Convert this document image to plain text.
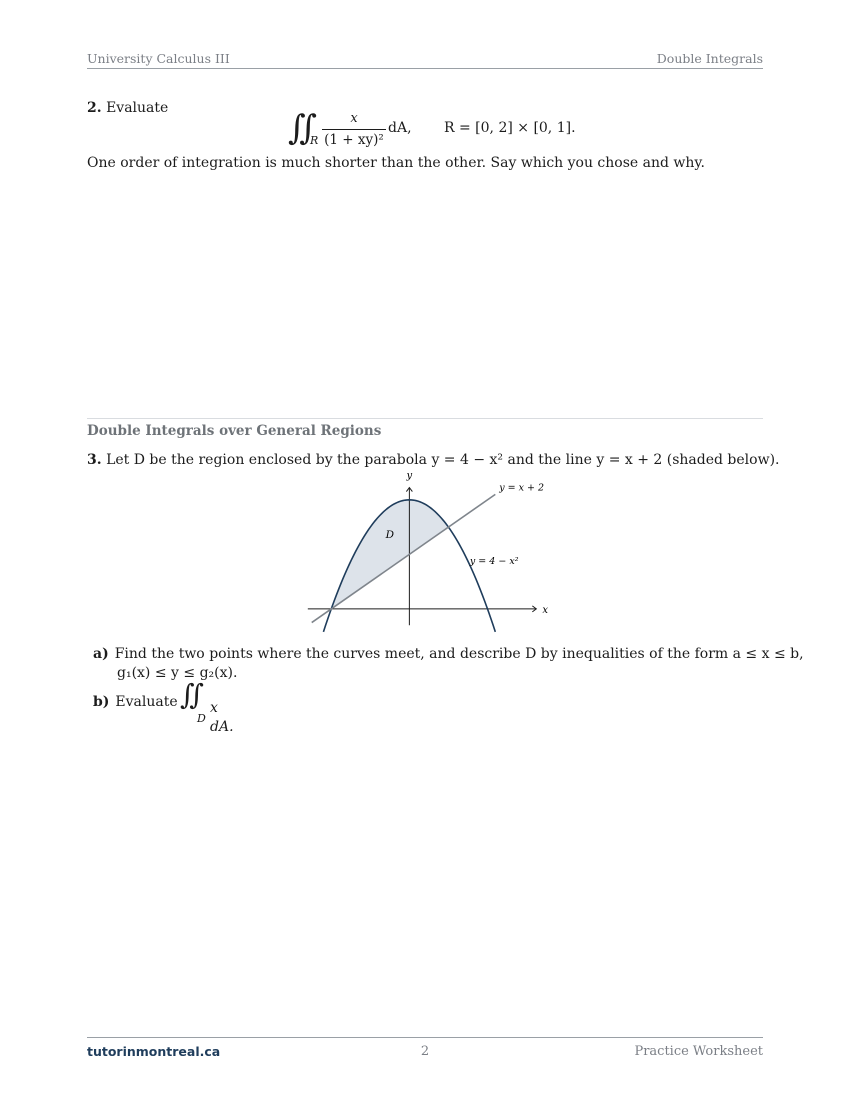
University Calculus III	Double Integrals
2. Evaluate	∬ R
x
(1 + xy)²
dA, R = [0, 2] × [0, 1].
One order of integration is much shorter than the other. Say which you chose and why.
Double Integrals over General Regions
3. Let D be the region enclosed by the parabola y = 4 − x² and the line y = x + 2 (shaded below).
x
y
D
y = x + 2
y = 4 − x²
a) Find the two points where the curves meet, and describe D by inequalities of the form a ≤ x ≤ b,
g₁(x) ≤ y ≤ g₂(x).
b) Evaluate ∬
D
x dA.
tutorinmontreal.ca	2	Practice Worksheet
